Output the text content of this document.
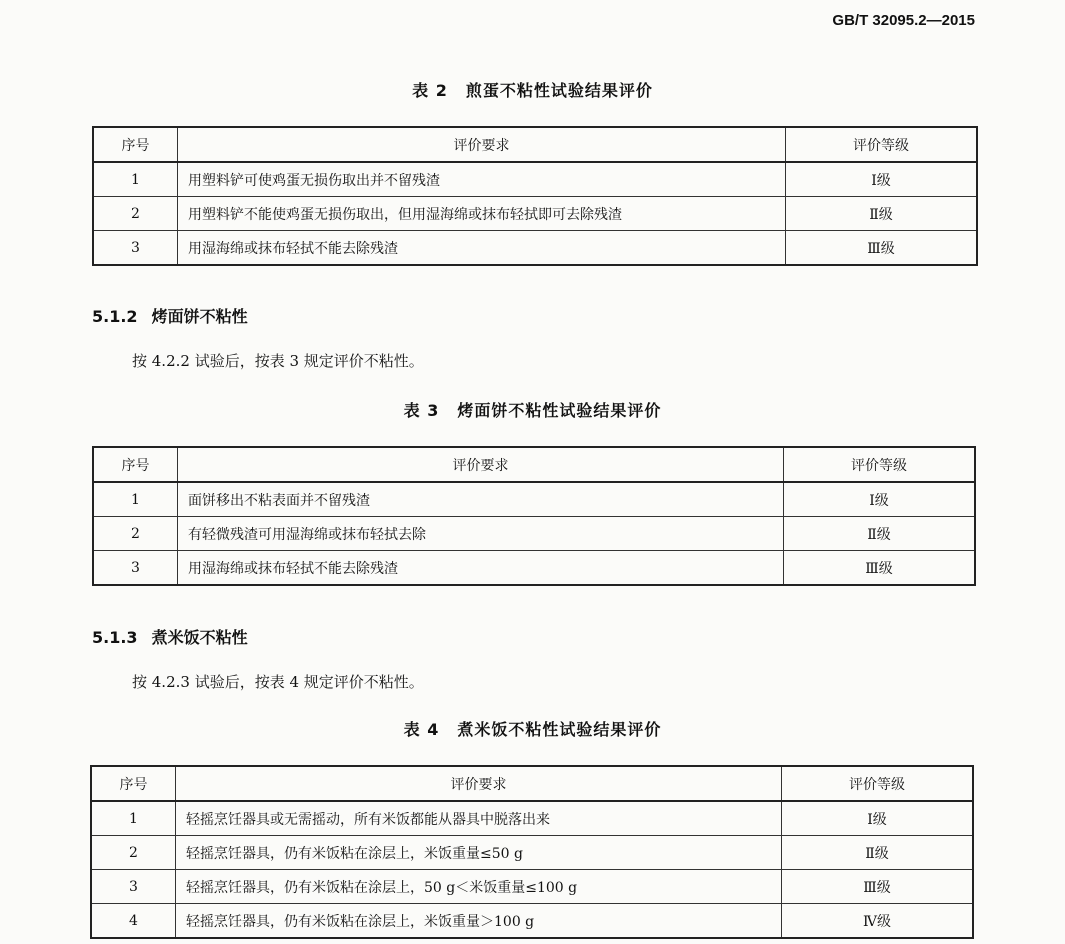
GB/T 32095.2—2015
表 2 煎蛋不粘性试验结果评价
序号	评价要求	评价等级
1	用塑料铲可使鸡蛋无损伤取出并不留残渣	Ⅰ级
2	用塑料铲不能使鸡蛋无损伤取出，但用湿海绵或抹布轻拭即可去除残渣	Ⅱ级
3	用湿海绵或抹布轻拭不能去除残渣	Ⅲ级
5.1.2 烤面饼不粘性
按 4.2.2 试验后，按表 3 规定评价不粘性。
表 3 烤面饼不粘性试验结果评价
序号	评价要求	评价等级
1	面饼移出不粘表面并不留残渣	Ⅰ级
2	有轻微残渣可用湿海绵或抹布轻拭去除	Ⅱ级
3	用湿海绵或抹布轻拭不能去除残渣	Ⅲ级
5.1.3 煮米饭不粘性
按 4.2.3 试验后，按表 4 规定评价不粘性。
表 4 煮米饭不粘性试验结果评价
序号	评价要求	评价等级
1	轻摇烹饪器具或无需摇动，所有米饭都能从器具中脱落出来	Ⅰ级
2	轻摇烹饪器具，仍有米饭粘在涂层上，米饭重量≤50 g	Ⅱ级
3	轻摇烹饪器具，仍有米饭粘在涂层上，50 g＜米饭重量≤100 g	Ⅲ级
4	轻摇烹饪器具，仍有米饭粘在涂层上，米饭重量＞100 g	Ⅳ级
